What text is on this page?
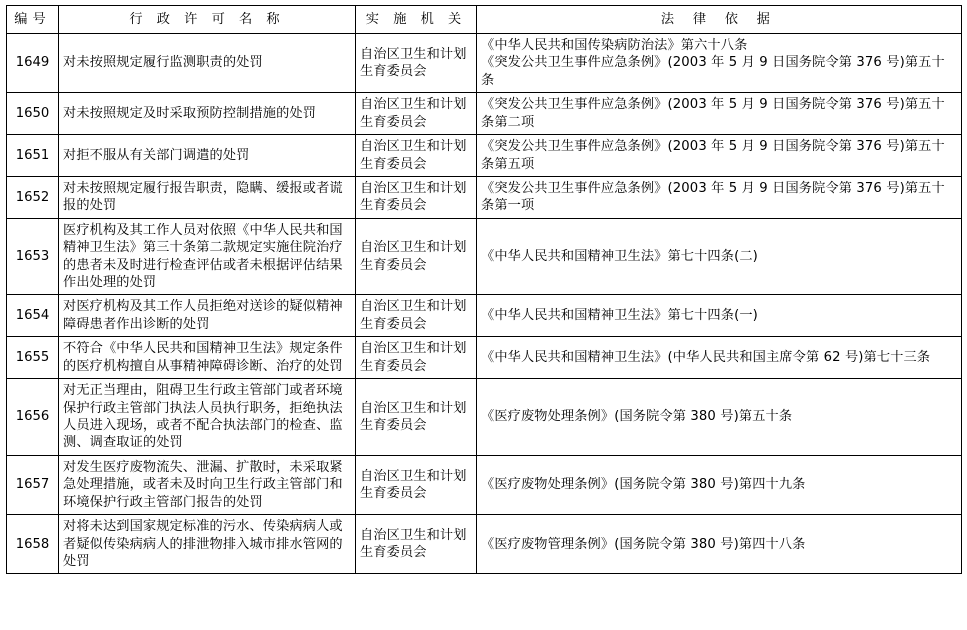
编号	行 政 许 可 名 称	实 施 机 关	法 律 依 据
1649	对未按照规定履行监测职责的处罚	自治区卫生和计划生育委员会	《中华人民共和国传染病防治法》第六十八条
《突发公共卫生事件应急条例》(2003 年 5 月 9 日国务院令第 376 号)第五十条

1650	对未按照规定及时采取预防控制措施的处罚	自治区卫生和计划生育委员会	《突发公共卫生事件应急条例》(2003 年 5 月 9 日国务院令第 376 号)第五十条第二项

1651	对拒不服从有关部门调遣的处罚	自治区卫生和计划生育委员会	《突发公共卫生事件应急条例》(2003 年 5 月 9 日国务院令第 376 号)第五十条第五项

1652	对未按照规定履行报告职责，隐瞒、缓报或者谎报的处罚	自治区卫生和计划生育委员会	《突发公共卫生事件应急条例》(2003 年 5 月 9 日国务院令第 376 号)第五十条第一项

1653	医疗机构及其工作人员对依照《中华人民共和国精神卫生法》第三十条第二款规定实施住院治疗的患者未及时进行检查评估或者未根据评估结果作出处理的处罚	自治区卫生和计划生育委员会	《中华人民共和国精神卫生法》第七十四条(二)

1654	对医疗机构及其工作人员拒绝对送诊的疑似精神障碍患者作出诊断的处罚	自治区卫生和计划生育委员会	《中华人民共和国精神卫生法》第七十四条(一)

1655	不符合《中华人民共和国精神卫生法》规定条件的医疗机构擅自从事精神障碍诊断、治疗的处罚	自治区卫生和计划生育委员会	《中华人民共和国精神卫生法》(中华人民共和国主席令第 62 号)第七十三条

1656	对无正当理由，阻碍卫生行政主管部门或者环境保护行政主管部门执法人员执行职务，拒绝执法人员进入现场，或者不配合执法部门的检查、监测、调查取证的处罚	自治区卫生和计划生育委员会	《医疗废物处理条例》(国务院令第 380 号)第五十条

1657	对发生医疗废物流失、泄漏、扩散时，未采取紧急处理措施，或者未及时向卫生行政主管部门和环境保护行政主管部门报告的处罚	自治区卫生和计划生育委员会	《医疗废物处理条例》(国务院令第 380 号)第四十九条

1658	对将未达到国家规定标准的污水、传染病病人或者疑似传染病病人的排泄物排入城市排水管网的处罚	自治区卫生和计划生育委员会	《医疗废物管理条例》(国务院令第 380 号)第四十八条
